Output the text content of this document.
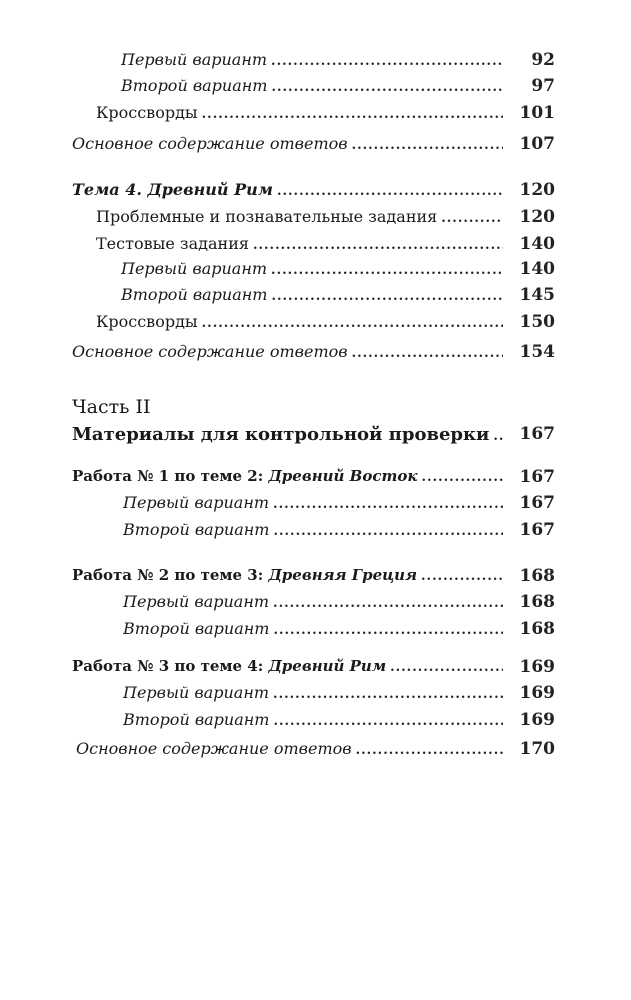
Первый вариант .....	92
Второй вариант .....	97
Кроссворды .....	101
Основное содержание ответов .....	107
Тема 4. Древний Рим .....	120
Проблемные и познавательные задания .....	120
Тестовые задания .....	140
Первый вариант .....	140
Второй вариант .....	145
Кроссворды .....	150
Основное содержание ответов .....	154
Часть II
Материалы для контрольной проверки .....	167
Работа № 1 по теме 2: Древний Восток .....	167
Первый вариант .....	167
Второй вариант .....	167
Работа № 2 по теме 3: Древняя Греция .....	168
Первый вариант .....	168
Второй вариант .....	168
Работа № 3 по теме 4: Древний Рим .....	169
Первый вариант .....	169
Второй вариант .....	169
Основное содержание ответов .....	170
